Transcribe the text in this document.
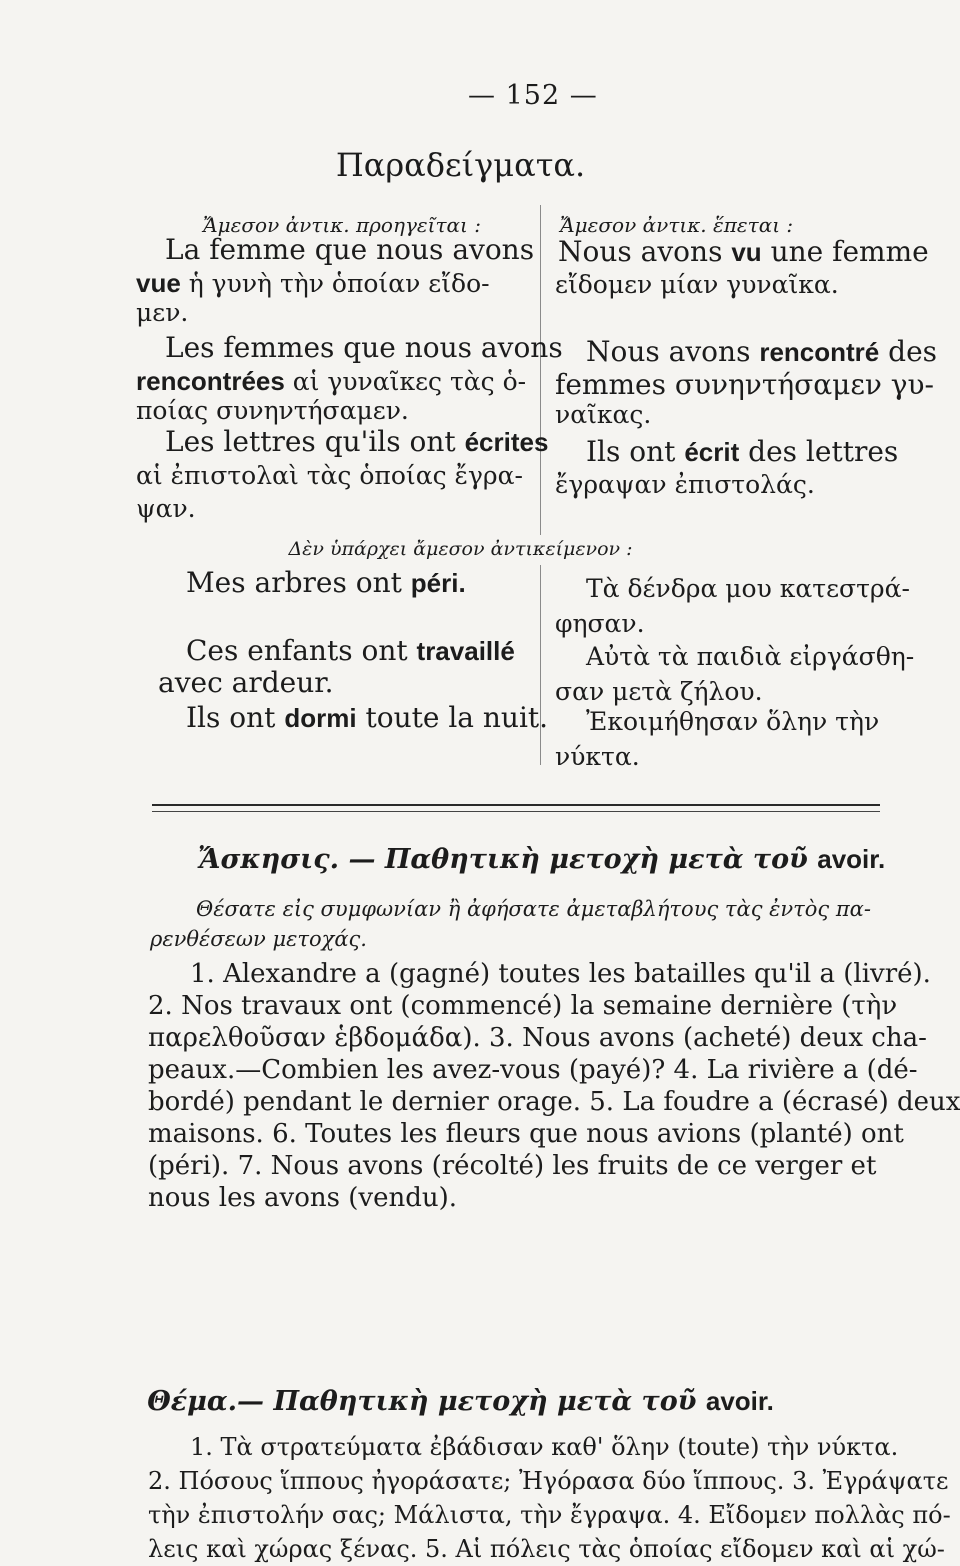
— 152 —
Παραδείγματα.
Ἄμεσον ἀντικ. προηγεῖται :	Ἄμεσον ἀντικ. ἕπεται :
La femme que nous avons
vue ἡ γυνὴ τὴν ὁποίαν εἴδο-
μεν.
Les femmes que nous avons
rencontrées αἱ γυναῖκες τὰς ὁ-
ποίας συνηντήσαμεν.
Les lettres qu'ils ont écrites
αἱ ἐπιστολαὶ τὰς ὁποίας ἔγρα-
ψαν.
Nous avons vu une femme
εἴδομεν μίαν γυναῖκα.
Nous avons rencontré des
femmes συνηντήσαμεν γυ-
ναῖκας.
Ils ont écrit des lettres
ἔγραψαν ἐπιστολάς.
Δὲν ὑπάρχει ἄμεσον ἀντικείμενον :
Mes arbres ont péri.
Ces enfants ont travaillé
avec ardeur.
Ils ont dormi toute la nuit.
Τὰ δένδρα μου κατεστρά-
φησαν.
Αὐτὰ τὰ παιδιὰ εἰργάσθη-
σαν μετὰ ζήλου.
Ἐκοιμήθησαν ὅλην τὴν
νύκτα.
Ἄσκησις. — Παθητικὴ μετοχὴ μετὰ τοῦ avoir.
Θέσατε εἰς συμφωνίαν ἢ ἀφήσατε ἀμεταβλήτους τὰς ἐντὸς πα-
ρενθέσεων μετοχάς.
1. Alexandre a (gagné) toutes les batailles qu'il a (livré).
2. Nos travaux ont (commencé) la semaine dernière (τὴν
παρελθοῦσαν ἑβδομάδα). 3. Nous avons (acheté) deux cha-
peaux.—Combien les avez-vous (payé)? 4. La rivière a (dé-
bordé) pendant le dernier orage. 5. La foudre a (écrasé) deux
maisons. 6. Toutes les fleurs que nous avions (planté) ont
(péri). 7. Nous avons (récolté) les fruits de ce verger et
nous les avons (vendu).
Θέμα.— Παθητικὴ μετοχὴ μετὰ τοῦ avoir.
1. Τὰ στρατεύματα ἐβάδισαν καθ' ὅλην (toute) τὴν νύκτα.
2. Πόσους ἵππους ἠγοράσατε; Ἠγόρασα δύο ἵππους. 3. Ἐγράψατε
τὴν ἐπιστολήν σας; Μάλιστα, τὴν ἔγραψα. 4. Εἴδομεν πολλὰς πό-
λεις καὶ χώρας ξένας. 5. Αἱ πόλεις τὰς ὁποίας εἴδομεν καὶ αἱ χώ-
